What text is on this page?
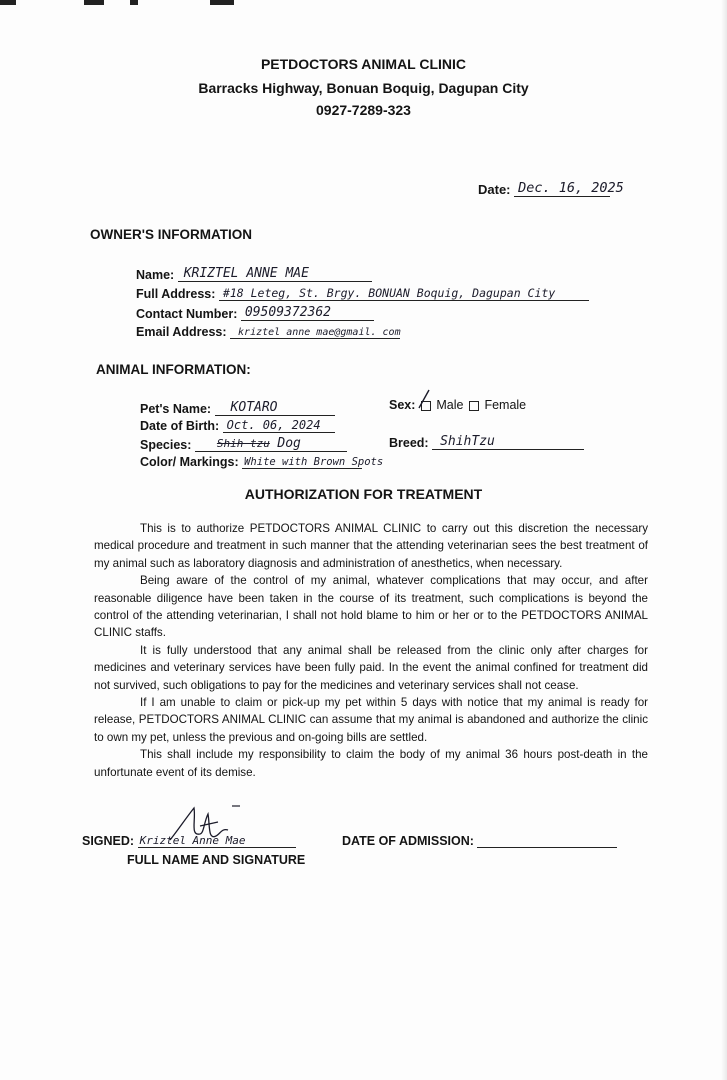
PETDOCTORS ANIMAL CLINIC
Barracks Highway, Bonuan Boquig, Dagupan City
0927-7289-323
Date: Dec. 16, 2025
OWNER'S INFORMATION
Name: KRIZTEL ANNE MAE
Full Address: #18 Leteg, St. Brgy. BONUAN Boquig, Dagupan City
Contact Number: 09509372362
Email Address: kriztel anne mae@gmail. com
ANIMAL INFORMATION:
Pet's Name: KOTARO
Date of Birth: Oct. 06, 2024
Species: Shih tzu Dog
Color/ Markings: White with Brown Spots
Sex: Male Female
Breed: ShihTzu
AUTHORIZATION FOR TREATMENT

This is to authorize PETDOCTORS ANIMAL CLINIC to carry out this discretion the necessary medical procedure and treatment in such manner that the attending veterinarian sees the best treatment of my animal such as laboratory diagnosis and administration of anesthetics, when necessary.

Being aware of the control of my animal, whatever complications that may occur, and after reasonable diligence have been taken in the course of its treatment, such complications is beyond the control of the attending veterinarian, I shall not hold blame to him or her or to the PETDOCTORS ANIMAL CLINIC staffs.

It is fully understood that any animal shall be released from the clinic only after charges for medicines and veterinary services have been fully paid. In the event the animal confined for treatment did not survived, such obligations to pay for the medicines and veterinary services shall not cease.

If I am unable to claim or pick-up my pet within 5 days with notice that my animal is ready for release, PETDOCTORS ANIMAL CLINIC can assume that my animal is abandoned and authorize the clinic to own my pet, unless the previous and on-going bills are settled.

This shall include my responsibility to claim the body of my animal 36 hours post-death in the unfortunate event of its demise.

SIGNED: Kriztel Anne Mae
FULL NAME AND SIGNATURE
DATE OF ADMISSION:
